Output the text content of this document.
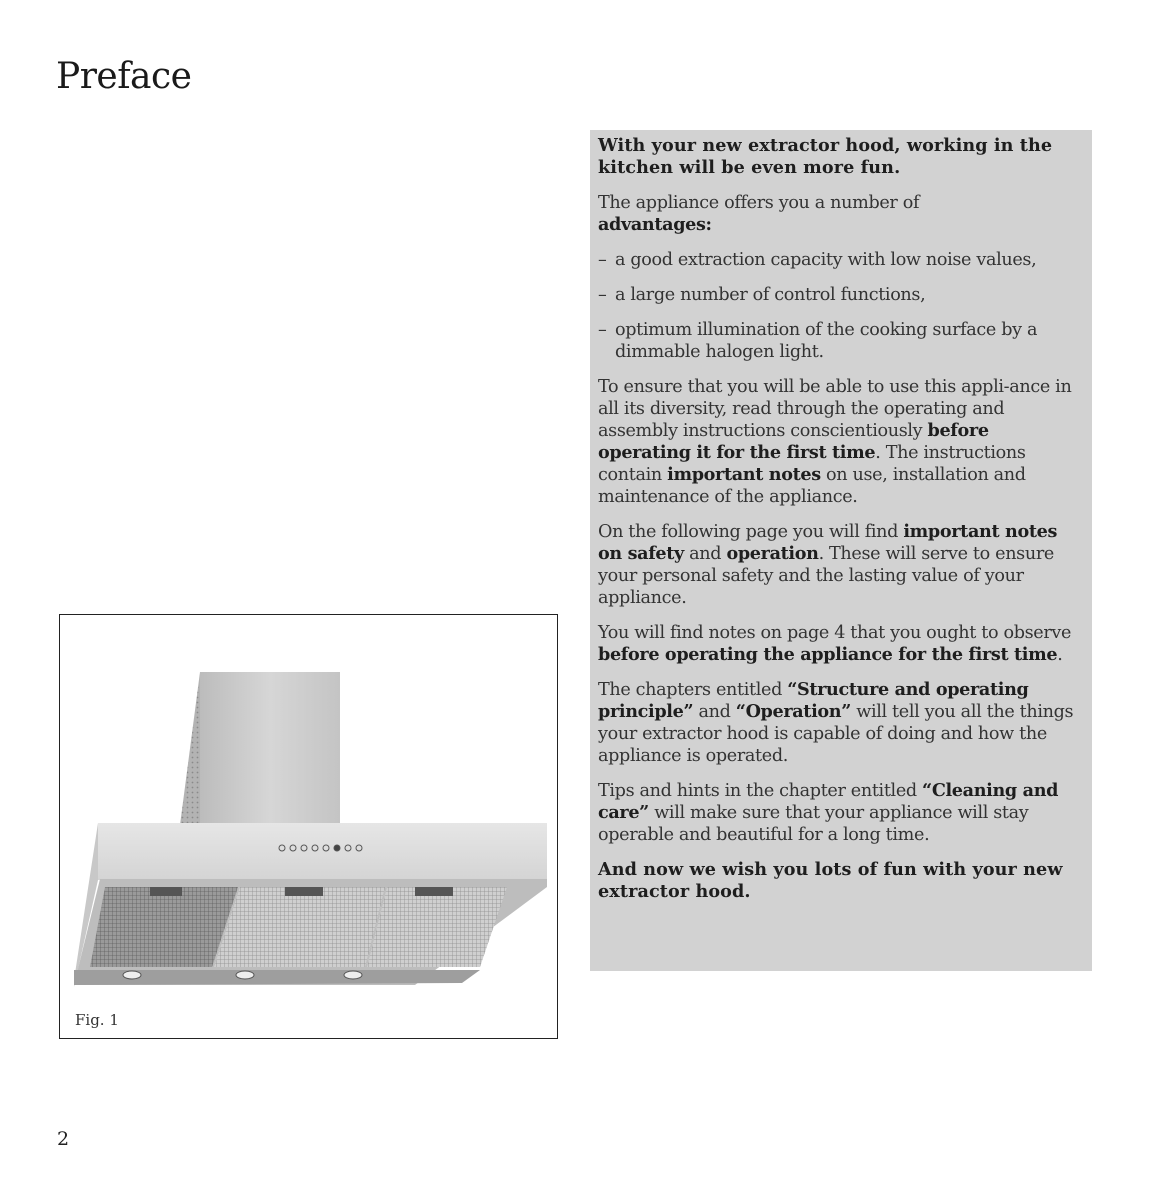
Preface
Fig. 1

With your new extractor hood, working in the kitchen will be even more fun.

The appliance offers you a number of
advantages:

– a good extraction capacity with low noise values,

– a large number of control functions,

– optimum illumination of the cooking surface by a dimmable halogen light.

To ensure that you will be able to use this appli-ance in all its diversity, read through the operating and assembly instructions conscientiously before operating it for the first time. The instructions contain important notes on use, installation and maintenance of the appliance.

On the following page you will find important notes on safety and operation. These will serve to ensure your personal safety and the lasting value of your appliance.

You will find notes on page 4 that you ought to observe before operating the appliance for the first time.

The chapters entitled “Structure and operating principle” and “Operation” will tell you all the things your extractor hood is capable of doing and how the appliance is operated.

Tips and hints in the chapter entitled “Cleaning and care” will make sure that your appliance will stay operable and beautiful for a long time.

And now we wish you lots of fun with your new extractor hood.

2
